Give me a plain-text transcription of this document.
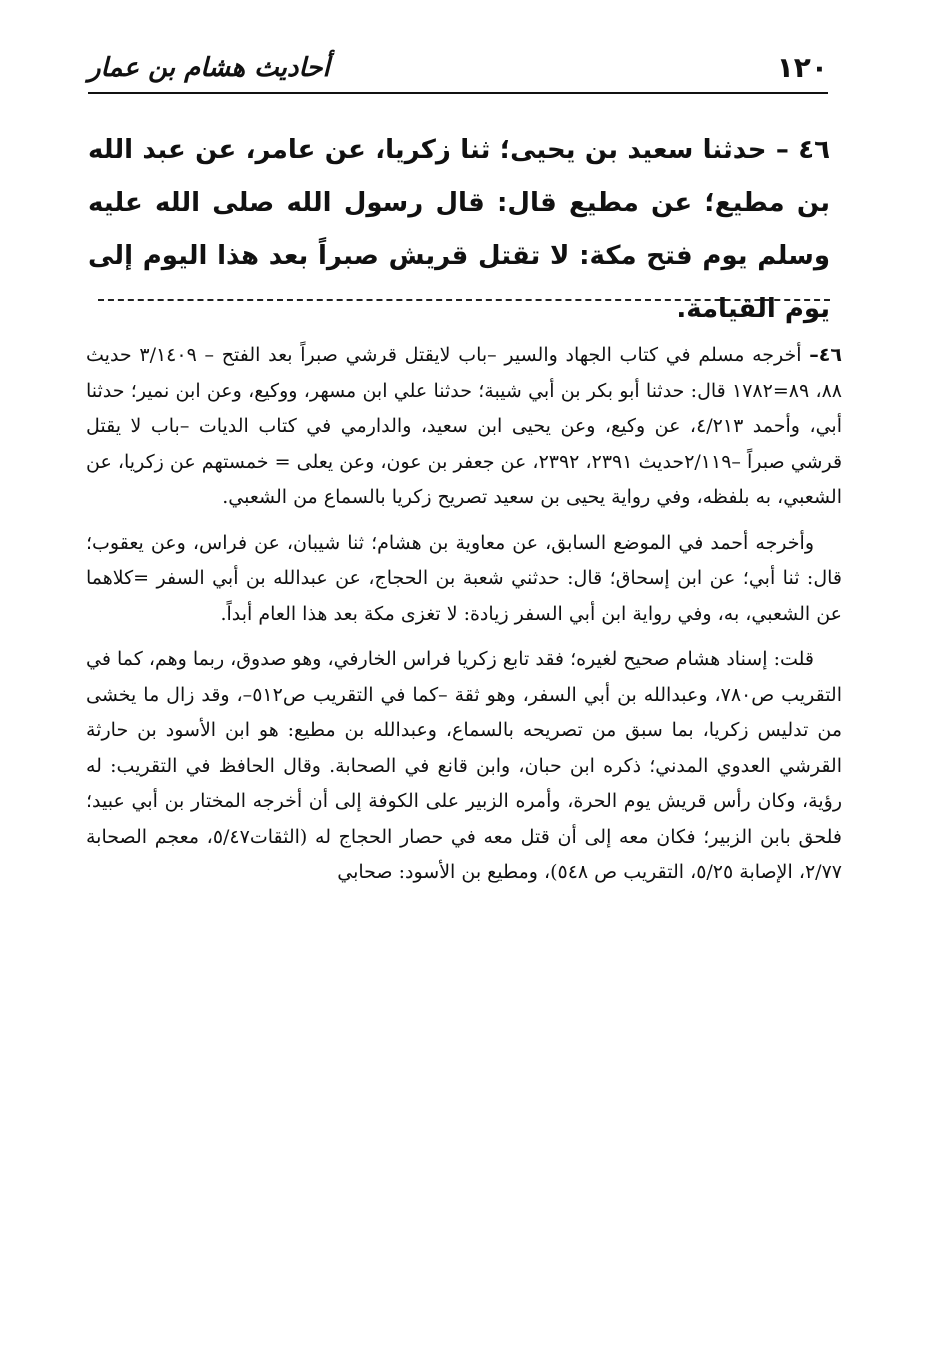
١٢٠
أحاديث هشام بن عمار

٤٦ – حدثنا سعيد بن يحيى؛ ثنا زكريا، عن عامر، عن عبد الله بن مطيع؛ عن مطيع قال: قال رسول الله صلى الله عليه وسلم يوم فتح مكة: لا تقتل قريش صبراً بعد هذا اليوم إلى يوم القيامة.

٤٦– أخرجه مسلم في كتاب الجهاد والسير –باب لايقتل قرشي صبراً بعد الفتح – ٣/١٤٠٩ حديث ٨٨، ٨٩=١٧٨٢ قال: حدثنا أبو بكر بن أبي شيبة؛ حدثنا علي ابن مسهر، ووكيع، وعن ابن نمير؛ حدثنا أبي، وأحمد ٤/٢١٣، عن وكيع، وعن يحيى ابن سعيد، والدارمي في كتاب الديات –باب لا يقتل قرشي صبراً –٢/١١٩حديث ٢٣٩١، ٢٣٩٢، عن جعفر بن عون، وعن يعلى = خمستهم عن زكريا، عن الشعبي، به بلفظه، وفي رواية يحيى بن سعيد تصريح زكريا بالسماع من الشعبي.

وأخرجه أحمد في الموضع السابق، عن معاوية بن هشام؛ ثنا شيبان، عن فراس، وعن يعقوب؛ قال: ثنا أبي؛ عن ابن إسحاق؛ قال: حدثني شعبة بن الحجاج، عن عبدالله بن أبي السفر =كلاهما عن الشعبي، به، وفي رواية ابن أبي السفر زيادة: لا تغزى مكة بعد هذا العام أبداً.

قلت: إسناد هشام صحيح لغيره؛ فقد تابع زكريا فراس الخارفي، وهو صدوق، ربما وهم، كما في التقريب ص٧٨٠، وعبدالله بن أبي السفر، وهو ثقة –كما في التقريب ص٥١٢–، وقد زال ما يخشى من تدليس زكريا، بما سبق من تصريحه بالسماع، وعبدالله بن مطيع: هو ابن الأسود بن حارثة القرشي العدوي المدني؛ ذكره ابن حبان، وابن قانع في الصحابة. وقال الحافظ في التقريب: له رؤية، وكان رأس قريش يوم الحرة، وأمره الزبير على الكوفة إلى أن أخرجه المختار بن أبي عبيد؛ فلحق بابن الزبير؛ فكان معه إلى أن قتل معه في حصار الحجاج له (الثقات٥/٤٧، معجم الصحابة ٢/٧٧، الإصابة ٥/٢٥، التقريب ص ٥٤٨)، ومطيع بن الأسود: صحابي
